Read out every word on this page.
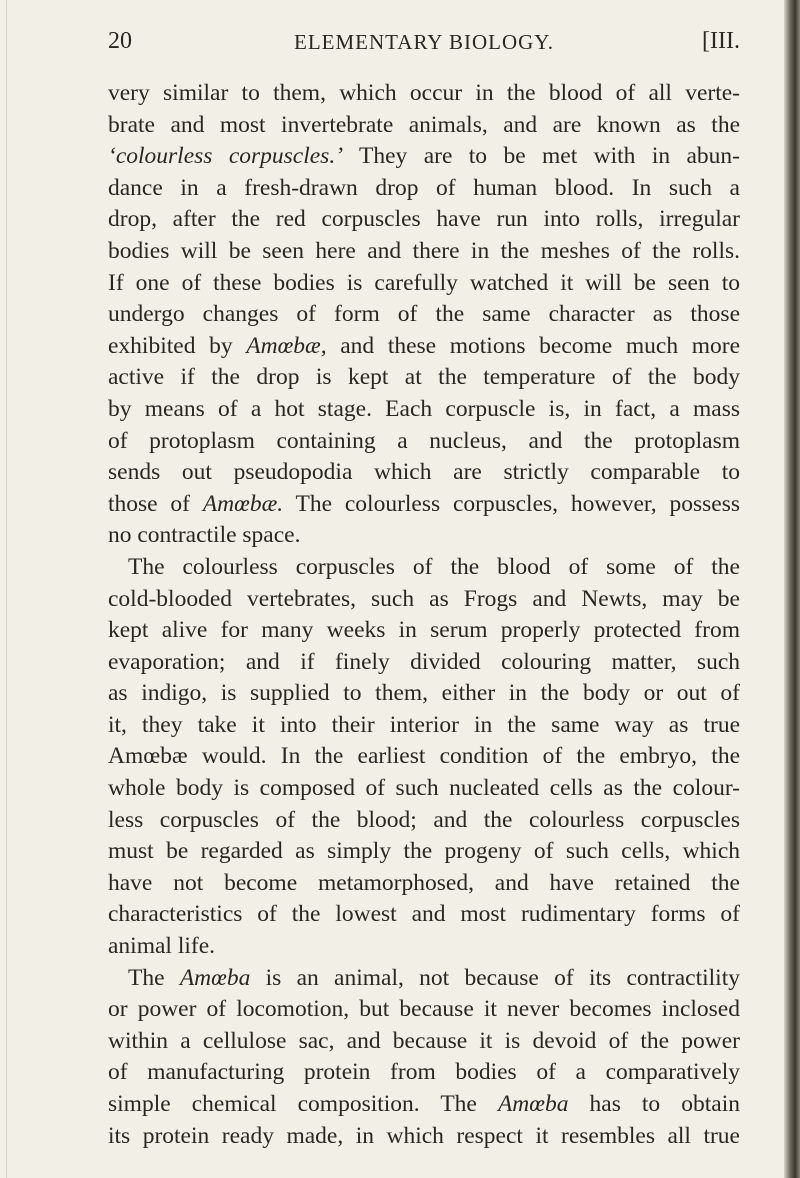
20	ELEMENTARY BIOLOGY.	[III.
very similar to them, which occur in the blood of all verte-
brate and most invertebrate animals, and are known as the
‘colourless corpuscles.’ They are to be met with in abun-
dance in a fresh-drawn drop of human blood. In such a
drop, after the red corpuscles have run into rolls, irregular
bodies will be seen here and there in the meshes of the rolls.
If one of these bodies is carefully watched it will be seen to
undergo changes of form of the same character as those
exhibited by Amœbæ, and these motions become much more
active if the drop is kept at the temperature of the body
by means of a hot stage. Each corpuscle is, in fact, a mass
of protoplasm containing a nucleus, and the protoplasm
sends out pseudopodia which are strictly comparable to
those of Amœbæ. The colourless corpuscles, however, possess
no contractile space.
The colourless corpuscles of the blood of some of the
cold-blooded vertebrates, such as Frogs and Newts, may be
kept alive for many weeks in serum properly protected from
evaporation; and if finely divided colouring matter, such
as indigo, is supplied to them, either in the body or out of
it, they take it into their interior in the same way as true
Amœbæ would. In the earliest condition of the embryo, the
whole body is composed of such nucleated cells as the colour-
less corpuscles of the blood; and the colourless corpuscles
must be regarded as simply the progeny of such cells, which
have not become metamorphosed, and have retained the
characteristics of the lowest and most rudimentary forms of
animal life.
The Amœba is an animal, not because of its contractility
or power of locomotion, but because it never becomes inclosed
within a cellulose sac, and because it is devoid of the power
of manufacturing protein from bodies of a comparatively
simple chemical composition. The Amœba has to obtain
its protein ready made, in which respect it resembles all true
